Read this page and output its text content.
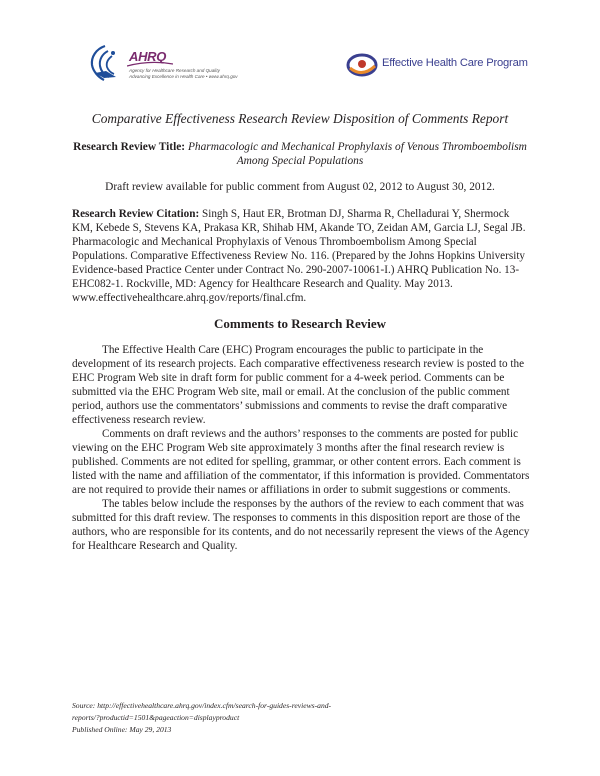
AHRQ
Agency for Healthcare Research and Quality
Advancing Excellence in Health Care • www.ahrq.gov
Effective Health Care Program
Comparative Effectiveness Research Review Disposition of Comments Report
Research Review Title: Pharmacologic and Mechanical Prophylaxis of Venous Thromboembolism Among Special Populations
Draft review available for public comment from August 02, 2012 to August 30, 2012.
Research Review Citation: Singh S, Haut ER, Brotman DJ, Sharma R, Chelladurai Y, Shermock KM, Kebede S, Stevens KA, Prakasa KR, Shihab HM, Akande TO, Zeidan AM, Garcia LJ, Segal JB. Pharmacologic and Mechanical Prophylaxis of Venous Thromboembolism Among Special Populations. Comparative Effectiveness Review No. 116. (Prepared by the Johns Hopkins University Evidence-based Practice Center under Contract No. 290-2007-10061-I.) AHRQ Publication No. 13-EHC082-1. Rockville, MD: Agency for Healthcare Research and Quality. May 2013. www.effectivehealthcare.ahrq.gov/reports/final.cfm.
Comments to Research Review

The Effective Health Care (EHC) Program encourages the public to participate in the development of its research projects. Each comparative effectiveness research review is posted to the EHC Program Web site in draft form for public comment for a 4-week period. Comments can be submitted via the EHC Program Web site, mail or email. At the conclusion of the public comment period, authors use the commentators’ submissions and comments to revise the draft comparative effectiveness research review.

Comments on draft reviews and the authors’ responses to the comments are posted for public viewing on the EHC Program Web site approximately 3 months after the final research review is published. Comments are not edited for spelling, grammar, or other content errors. Each comment is listed with the name and affiliation of the commentator, if this information is provided. Commentators are not required to provide their names or affiliations in order to submit suggestions or comments.

The tables below include the responses by the authors of the review to each comment that was submitted for this draft review. The responses to comments in this disposition report are those of the authors, who are responsible for its contents, and do not necessarily represent the views of the Agency for Healthcare Research and Quality.

Source: http://effectivehealthcare.ahrq.gov/index.cfm/search-for-guides-reviews-and-
reports/?productid=1501&pageaction=displayproduct
Published Online: May 29, 2013
